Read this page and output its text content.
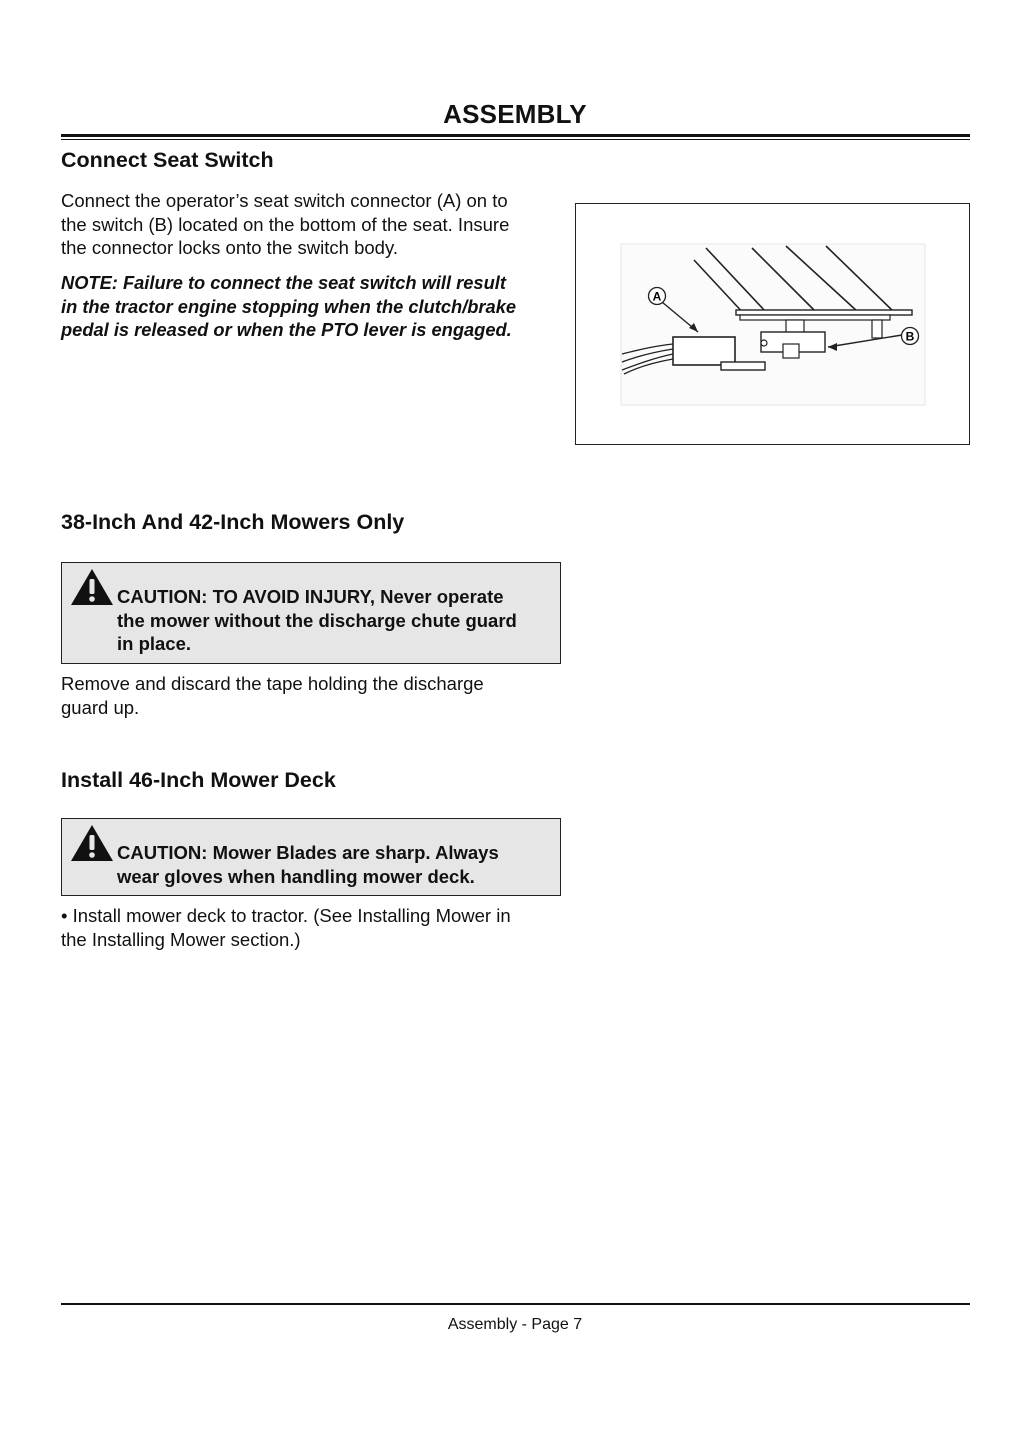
ASSEMBLY
Connect Seat Switch
Connect the operator’s seat switch connector (A) on to
the switch (B) located on the bottom of the seat. Insure
the connector locks onto the switch body.
NOTE: Failure to connect the seat switch will result
in the tractor engine stopping when the clutch/brake
pedal is released or when the PTO lever is engaged.
A
B
38-Inch And 42-Inch Mowers Only

CAUTION: TO AVOID INJURY, Never operate
the mower without the discharge chute guard
in place.

Remove and discard the tape holding the discharge
guard up.
Install 46-Inch Mower Deck

CAUTION: Mower Blades are sharp. Always
wear gloves when handling mower deck.

• Install mower deck to tractor. (See Installing Mower in
the Installing Mower section.)
Assembly - Page 7
